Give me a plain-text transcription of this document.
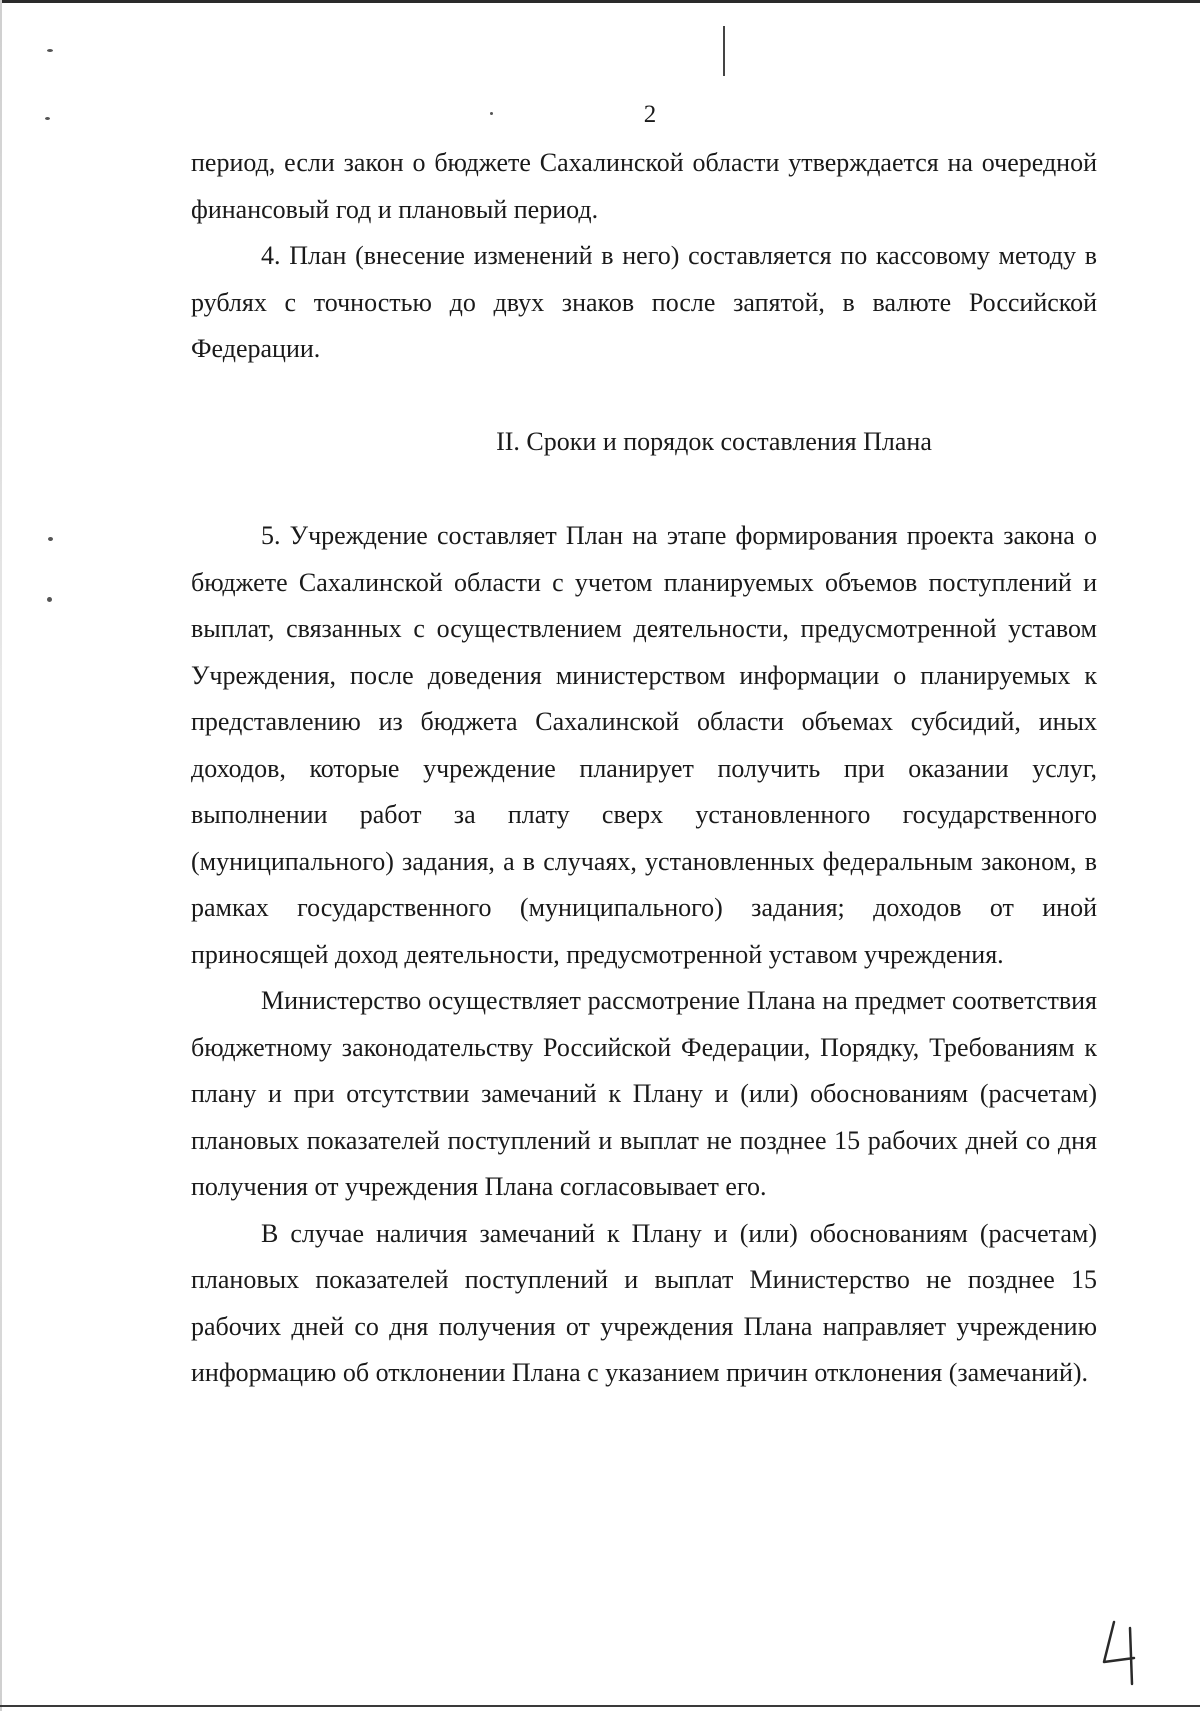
2

период, если закон о бюджете Сахалинской области утверждается на очередной финансовый год и плановый период.

4. План (внесение изменений в него) составляется по кассовому методу в рублях с точностью до двух знаков после запятой, в валюте Российской Федерации.

II. Сроки и порядок составления Плана

5. Учреждение составляет План на этапе формирования проекта закона о бюджете Сахалинской области с учетом планируемых объемов поступлений и выплат, связанных с осуществлением деятельности, предусмотренной уставом Учреждения, после доведения министерством информации о планируемых к представлению из бюджета Сахалинской области объемах субсидий, иных доходов, которые учреждение планирует получить при оказании услуг, выполнении работ за плату сверх установленного государственного (муниципального) задания, а в случаях, установленных федеральным законом, в рамках государственного (муниципального) задания; доходов от иной приносящей доход деятельности, предусмотренной уставом учреждения.

Министерство осуществляет рассмотрение Плана на предмет соответствия бюджетному законодательству Российской Федерации, Порядку, Требованиям к плану и при отсутствии замечаний к Плану и (или) обоснованиям (расчетам) плановых показателей поступлений и выплат не позднее 15 рабочих дней со дня получения от учреждения Плана согласовывает его.

В случае наличия замечаний к Плану и (или) обоснованиям (расчетам) плановых показателей поступлений и выплат Министерство не позднее 15 рабочих дней со дня получения от учреждения Плана направляет учреждению информацию об отклонении Плана с указанием причин отклонения (замечаний).
